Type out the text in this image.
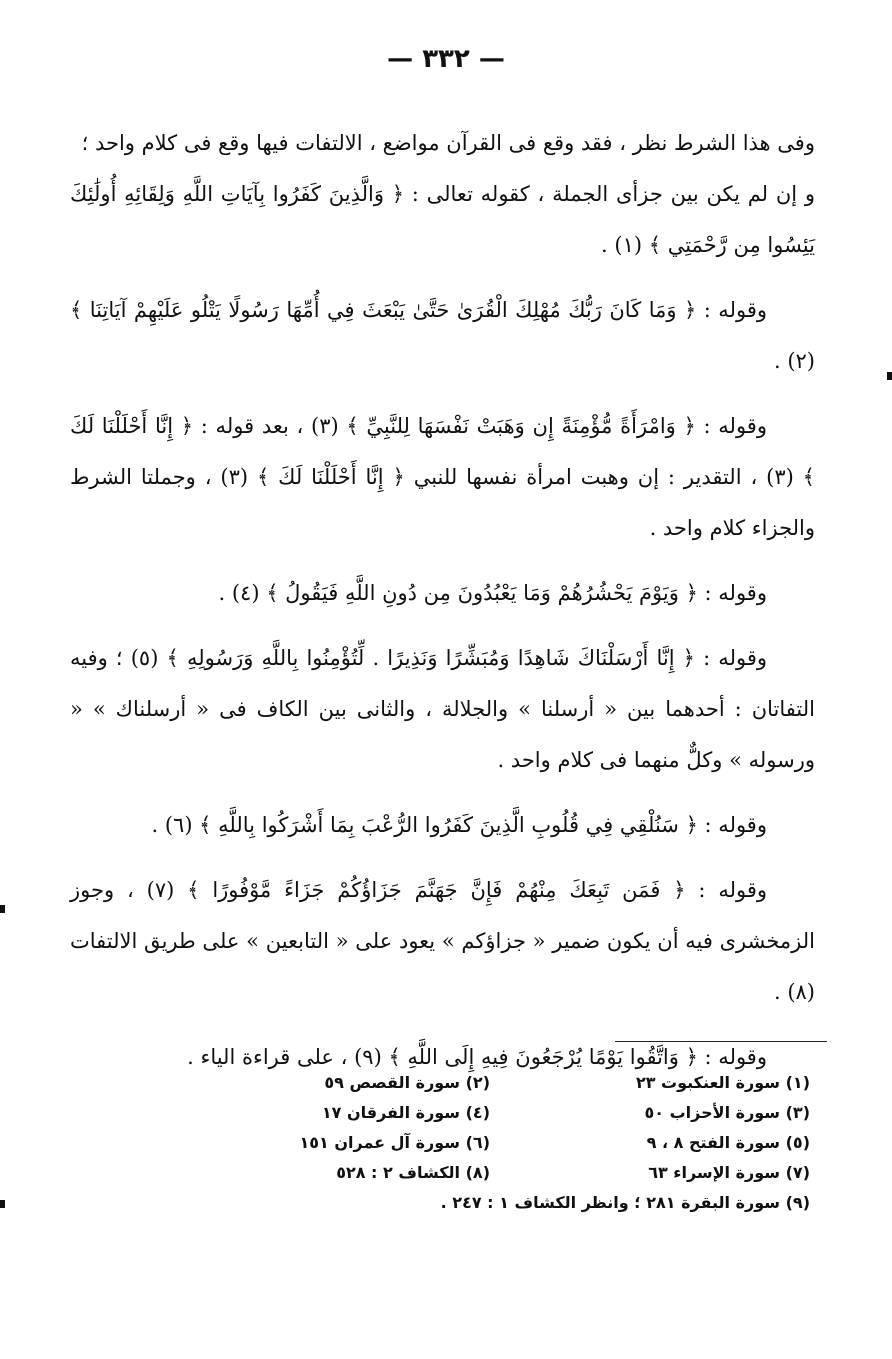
— ٣٣٢ —

وفى هذا الشرط نظر ، فقد وقع فى القرآن مواضع ، الالتفات فيها وقع فى كلام واحد ؛

و إن لم يكن بين جزأى الجملة ، كقوله تعالى : ﴿ وَالَّذِينَ كَفَرُوا بِآيَاتِ اللَّهِ وَلِقَائِهِ أُولَٰئِكَ يَئِسُوا مِن رَّحْمَتِي ﴾ (١) .

وقوله : ﴿ وَمَا كَانَ رَبُّكَ مُهْلِكَ الْقُرَىٰ حَتَّىٰ يَبْعَثَ فِي أُمِّهَا رَسُولًا يَتْلُو عَلَيْهِمْ آيَاتِنَا ﴾ (٢) .

وقوله : ﴿ وَامْرَأَةً مُّؤْمِنَةً إِن وَهَبَتْ نَفْسَهَا لِلنَّبِيِّ ﴾ (٣) ، بعد قوله : ﴿ إِنَّا أَحْلَلْنَا لَكَ ﴾ (٣) ، التقدير : إن وهبت امرأة نفسها للنبي ﴿ إِنَّا أَحْلَلْنَا لَكَ ﴾ (٣) ، وجملتا الشرط والجزاء كلام واحد .

وقوله : ﴿ وَيَوْمَ يَحْشُرُهُمْ وَمَا يَعْبُدُونَ مِن دُونِ اللَّهِ فَيَقُولُ ﴾ (٤) .

وقوله : ﴿ إِنَّا أَرْسَلْنَاكَ شَاهِدًا وَمُبَشِّرًا وَنَذِيرًا . لِّتُؤْمِنُوا بِاللَّهِ وَرَسُولِهِ ﴾ (٥) ؛ وفيه التفاتان : أحدهما بين « أرسلنا » والجلالة ، والثانى بين الكاف فى « أرسلناك » « ورسوله » وكلٌّ منهما فى كلام واحد .

وقوله : ﴿ سَنُلْقِي فِي قُلُوبِ الَّذِينَ كَفَرُوا الرُّعْبَ بِمَا أَشْرَكُوا بِاللَّهِ ﴾ (٦) .

وقوله : ﴿ فَمَن تَبِعَكَ مِنْهُمْ فَإِنَّ جَهَنَّمَ جَزَاؤُكُمْ جَزَاءً مَّوْفُورًا ﴾ (٧) ، وجوز الزمخشرى فيه أن يكون ضمير « جزاؤكم » يعود على « التابعين » على طريق الالتفات (٨) .

وقوله : ﴿ وَاتَّقُوا يَوْمًا يُرْجَعُونَ فِيهِ إِلَى اللَّهِ ﴾ (٩) ، على قراءة الياء .

(١) سورة العنكبوت ٢٣
(٢) سورة القصص ٥٩
(٣) سورة الأحزاب ٥٠
(٤) سورة الفرقان ١٧
(٥) سورة الفتح ٨ ، ٩
(٦) سورة آل عمران ١٥١
(٧) سورة الإسراء ٦٣
(٨) الكشاف ٢ : ٥٢٨
(٩) سورة البقرة ٢٨١ ؛ وانظر الكشاف ١ : ٢٤٧ .
